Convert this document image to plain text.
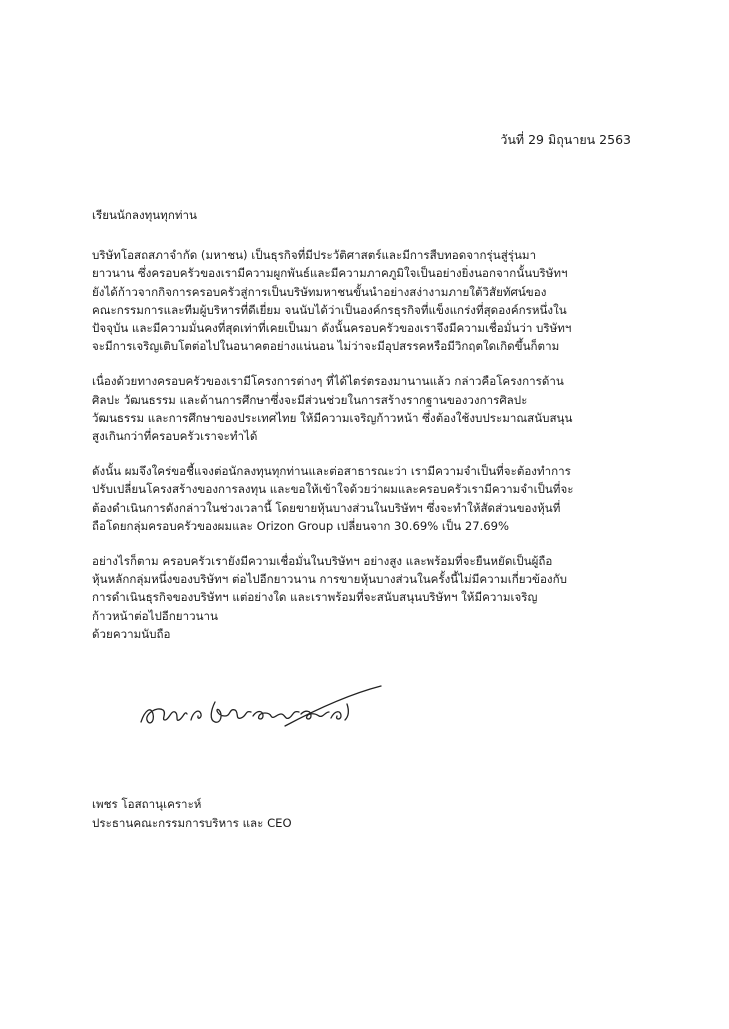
วันที่ 29 มิถุนายน 2563
เรียนนักลงทุนทุกท่าน
บริษัทโอสถสภาจำกัด (มหาชน) เป็นธุรกิจที่มีประวัติศาสตร์และมีการสืบทอดจากรุ่นสู่รุ่นมา
ยาวนาน ซึ่งครอบครัวของเรามีความผูกพันธ์และมีความภาคภูมิใจเป็นอย่างยิ่งนอกจากนั้นบริษัทฯ
ยังได้ก้าวจากกิจการครอบครัวสู่การเป็นบริษัทมหาชนขั้นนำอย่างสง่างามภายใต้วิสัยทัศน์ของ
คณะกรรมการและทีมผู้บริหารที่ดีเยี่ยม จนนับได้ว่าเป็นองค์กรธุรกิจที่แข็งแกร่งที่สุดองค์กรหนึ่งใน
ปัจจุบัน และมีความมั่นคงที่สุดเท่าที่เคยเป็นมา ดังนั้นครอบครัวของเราจึงมีความเชื่อมั่นว่า บริษัทฯ
จะมีการเจริญเติบโตต่อไปในอนาคตอย่างแน่นอน ไม่ว่าจะมีอุปสรรคหรือมีวิกฤตใดเกิดขึ้นก็ตาม
เนื่องด้วยทางครอบครัวของเรามีโครงการต่างๆ ที่ได้ไตร่ตรองมานานแล้ว กล่าวคือโครงการด้าน
ศิลปะ วัฒนธรรม และด้านการศึกษาซึ่งจะมีส่วนช่วยในการสร้างรากฐานของวงการศิลปะ
วัฒนธรรม และการศึกษาของประเทศไทย ให้มีความเจริญก้าวหน้า ซึ่งต้องใช้งบประมาณสนับสนุน
สูงเกินกว่าที่ครอบครัวเราจะทำได้
ดังนั้น ผมจึงใคร่ขอชี้แจงต่อนักลงทุนทุกท่านและต่อสาธารณะว่า เรามีความจำเป็นที่จะต้องทำการ
ปรับเปลี่ยนโครงสร้างของการลงทุน และขอให้เข้าใจด้วยว่าผมและครอบครัวเรามีความจำเป็นที่จะ
ต้องดำเนินการดังกล่าวในช่วงเวลานี้ โดยขายหุ้นบางส่วนในบริษัทฯ ซึ่งจะทำให้สัดส่วนของหุ้นที่
ถือโดยกลุ่มครอบครัวของผมและ Orizon Group เปลี่ยนจาก 30.69% เป็น 27.69%
อย่างไรก็ตาม ครอบครัวเรายังมีความเชื่อมั่นในบริษัทฯ อย่างสูง และพร้อมที่จะยืนหยัดเป็นผู้ถือ
หุ้นหลักกลุ่มหนึ่งของบริษัทฯ ต่อไปอีกยาวนาน การขายหุ้นบางส่วนในครั้งนี้ไม่มีความเกี่ยวข้องกับ
การดำเนินธุรกิจของบริษัทฯ แต่อย่างใด และเราพร้อมที่จะสนับสนุนบริษัทฯ ให้มีความเจริญ
ก้าวหน้าต่อไปอีกยาวนาน
ด้วยความนับถือ
เพชร โอสถานุเคราะห์
ประธานคณะกรรมการบริหาร และ CEO
